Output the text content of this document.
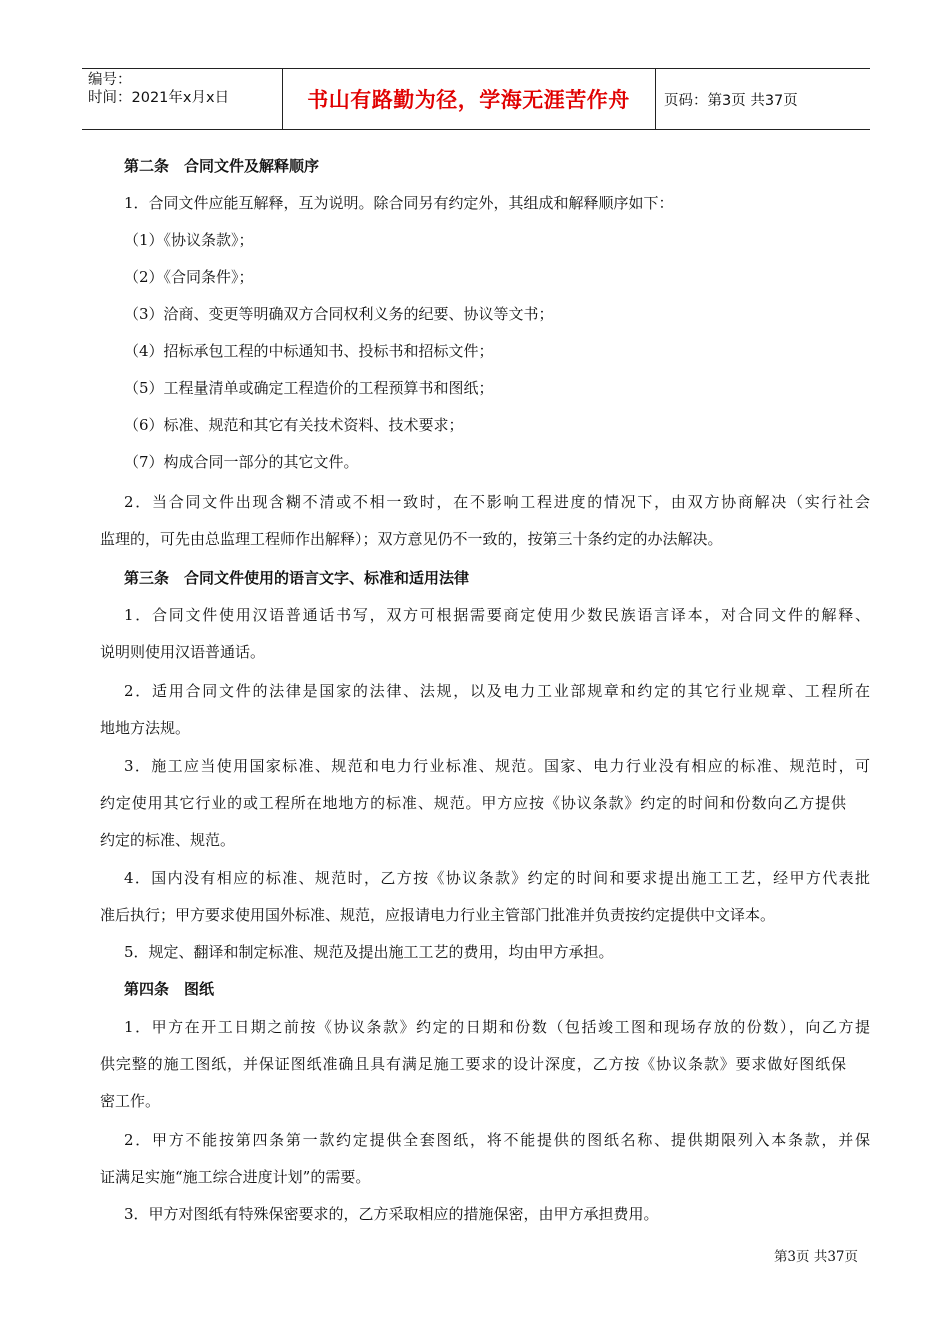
编号：
时间：2021年x月x日	书山有路勤为径，学海无涯苦作舟	页码：第3页 共37页
第二条　合同文件及解释顺序
1．合同文件应能互解释，互为说明。除合同另有约定外，其组成和解释顺序如下：
（1）《协议条款》；
（2）《合同条件》；
（3）洽商、变更等明确双方合同权利义务的纪要、协议等文书；
（4）招标承包工程的中标通知书、投标书和招标文件；
（5）工程量清单或确定工程造价的工程预算书和图纸；
（6）标准、规范和其它有关技术资料、技术要求；
（7）构成合同一部分的其它文件。
2．当合同文件出现含糊不清或不相一致时，在不影响工程进度的情况下，由双方协商解决（实行社会
监理的，可先由总监理工程师作出解释）；双方意见仍不一致的，按第三十条约定的办法解决。
第三条　合同文件使用的语言文字、标准和适用法律
1．合同文件使用汉语普通话书写，双方可根据需要商定使用少数民族语言译本，对合同文件的解释、
说明则使用汉语普通话。
2．适用合同文件的法律是国家的法律、法规，以及电力工业部规章和约定的其它行业规章、工程所在
地地方法规。
3．施工应当使用国家标准、规范和电力行业标准、规范。国家、电力行业没有相应的标准、规范时，可
约定使用其它行业的或工程所在地地方的标准、规范。甲方应按《协议条款》约定的时间和份数向乙方提供
约定的标准、规范。
4．国内没有相应的标准、规范时，乙方按《协议条款》约定的时间和要求提出施工工艺，经甲方代表批
准后执行；甲方要求使用国外标准、规范，应报请电力行业主管部门批准并负责按约定提供中文译本。
5．规定、翻译和制定标准、规范及提出施工工艺的费用，均由甲方承担。
第四条　图纸
1．甲方在开工日期之前按《协议条款》约定的日期和份数（包括竣工图和现场存放的份数），向乙方提
供完整的施工图纸，并保证图纸准确且具有满足施工要求的设计深度，乙方按《协议条款》要求做好图纸保
密工作。
2．甲方不能按第四条第一款约定提供全套图纸，将不能提供的图纸名称、提供期限列入本条款，并保
证满足实施“施工综合进度计划”的需要。
3．甲方对图纸有特殊保密要求的，乙方采取相应的措施保密，由甲方承担费用。
第3页 共37页
